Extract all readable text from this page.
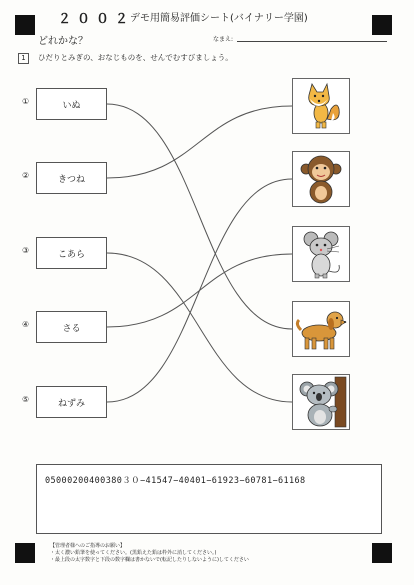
２００２
デモ用簡易評価シート(バイナリー学園)
どれかな？	なまえ:
1	ひだりとみぎの、おなじものを、せんでむすびましょう。
①	いぬ
②	きつね
③	こあら
④	さる
⑤	ねずみ
05000200400380３０−41547−40401−61923−60781−61168
【管理者様へのご指導のお願い】
・太く濃い鉛筆を使ってください。(黒鉛えた鉛は枠外に消してください。)
・最上段の太字数字と下段の数字欄は書かないで(転記したりしないように)してください
